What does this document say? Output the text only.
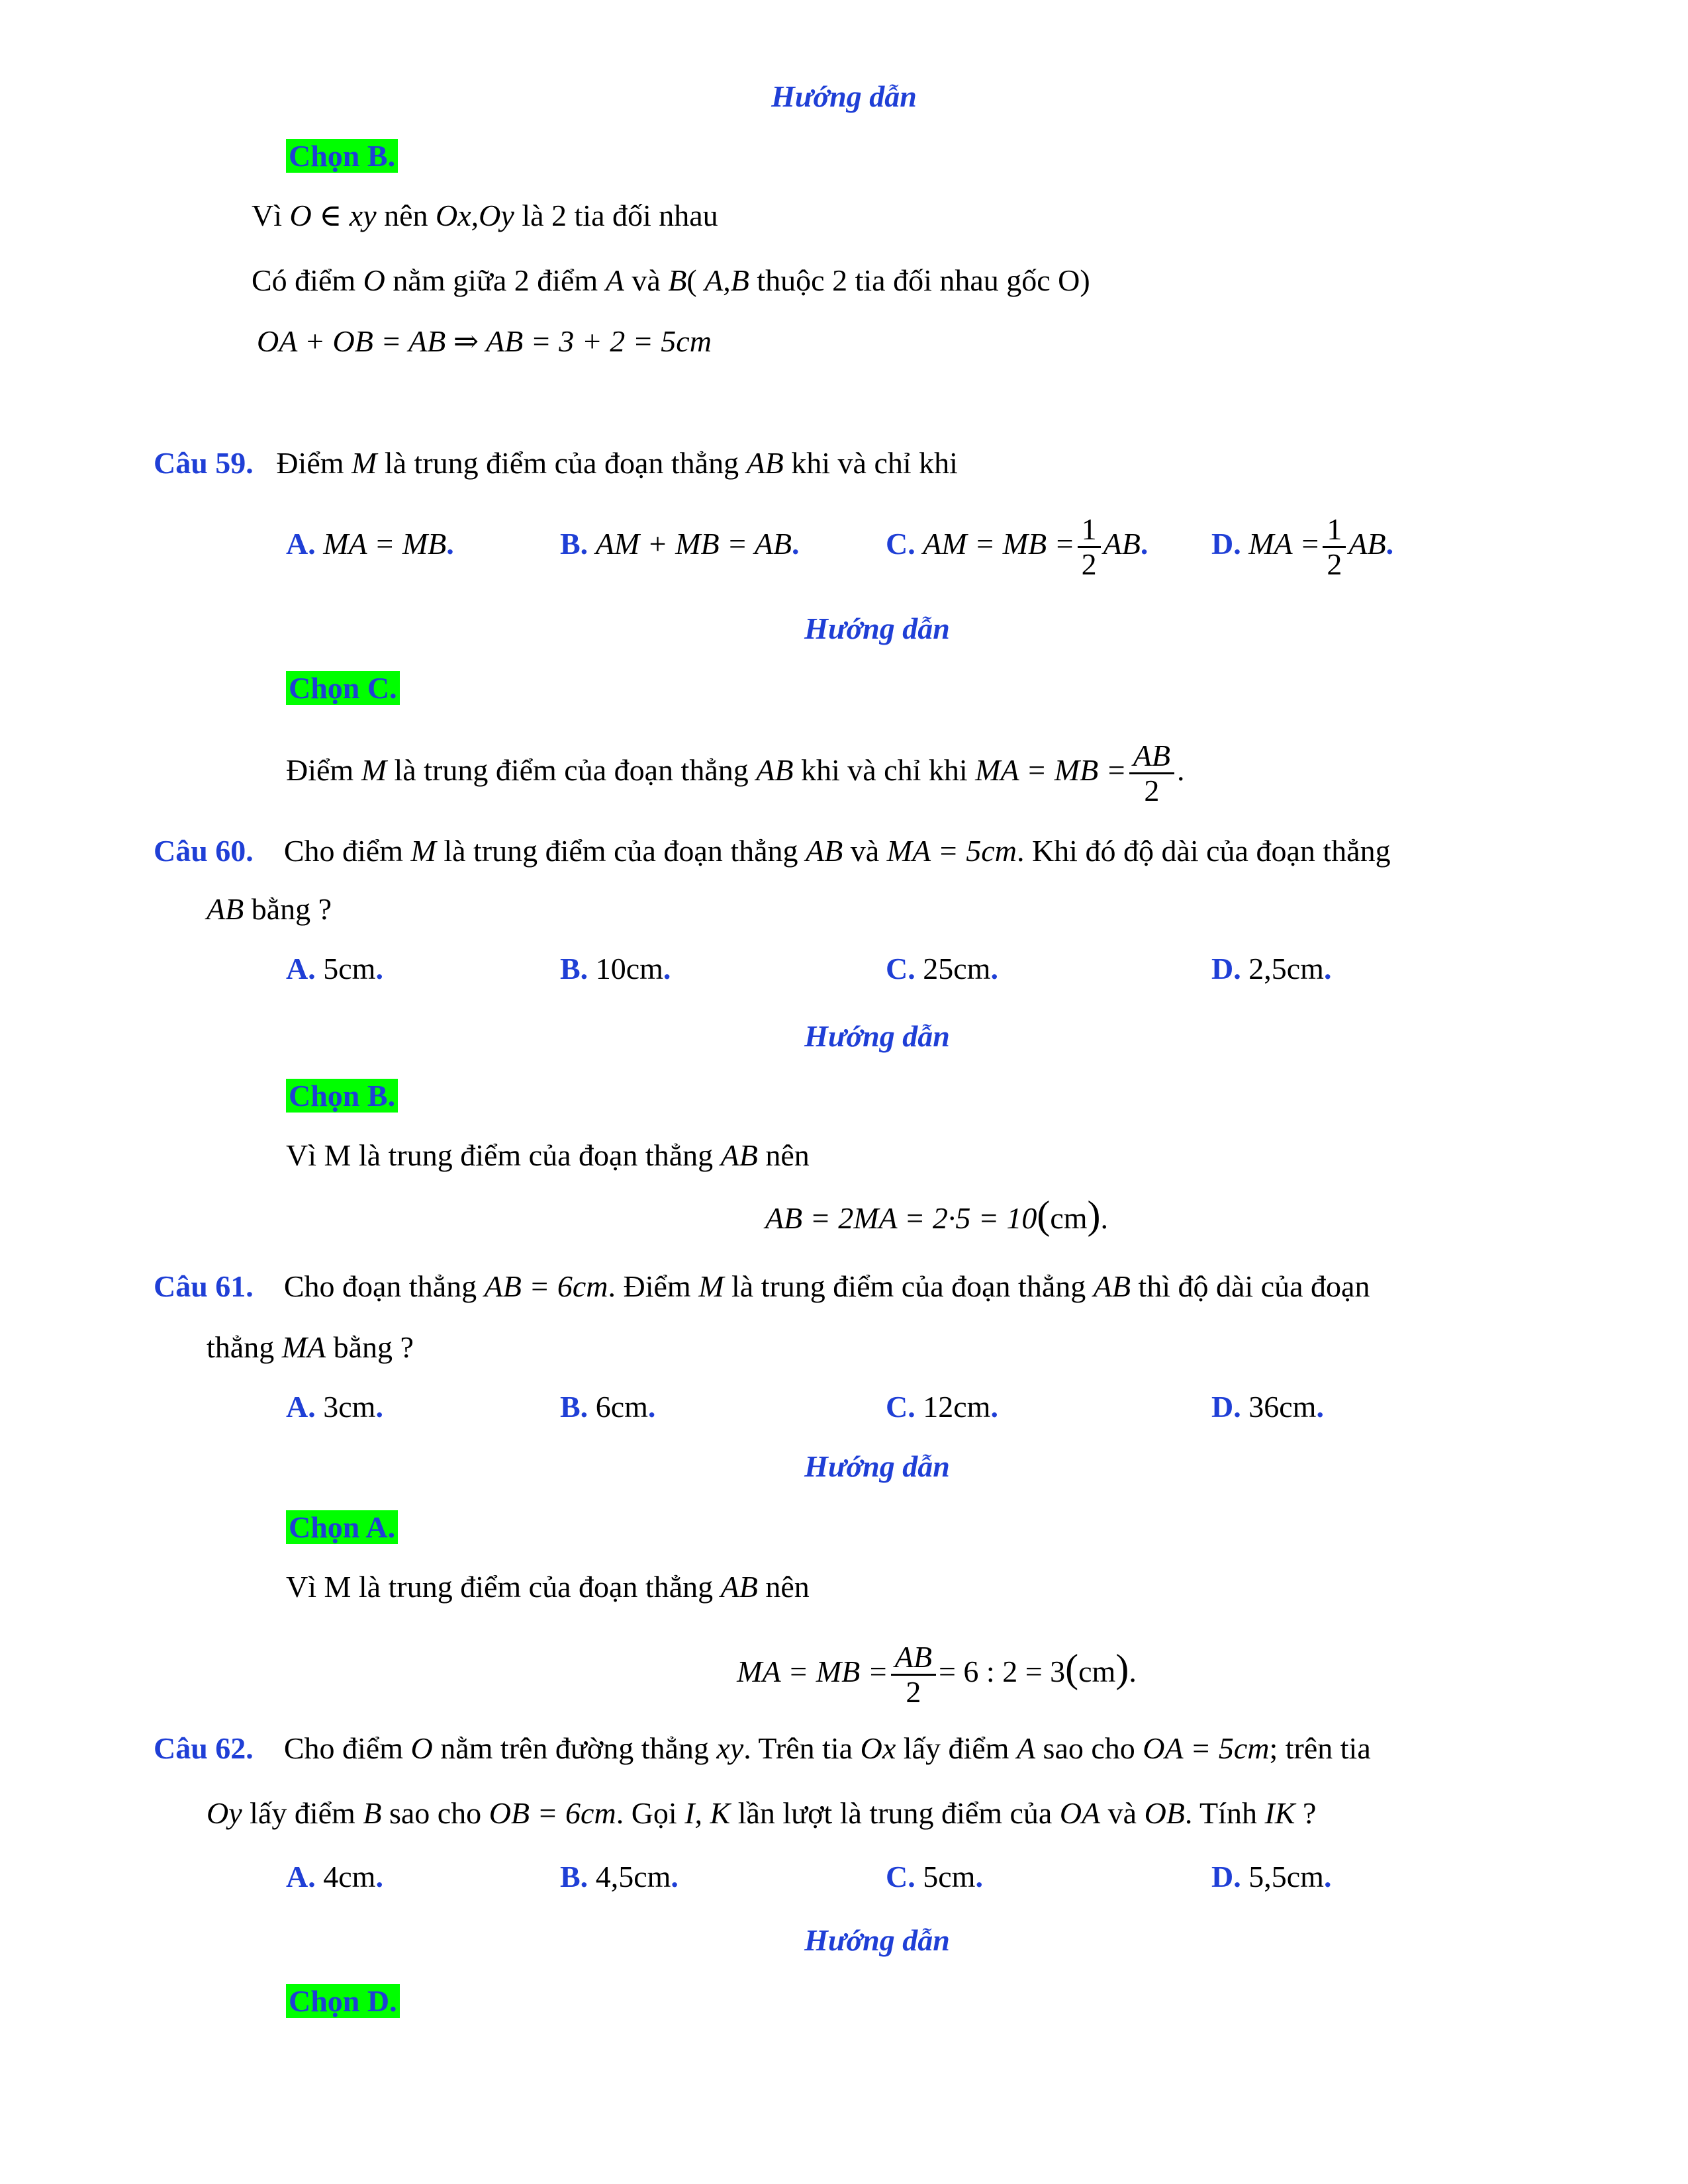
Hướng dẫn
Chọn B.
Vì O ∈ xy nên Ox,Oy là 2 tia đối nhau
Có điểm O nằm giữa 2 điểm A và B( A,B thuộc 2 tia đối nhau gốc O)
OA + OB = AB ⇒ AB = 3 + 2 = 5cm
Câu 59. Điểm M là trung điểm của đoạn thẳng AB khi và chỉ khi
A. MA = MB.	B. AM + MB = AB.	C. AM = MB = $\frac{1}{2}$ AB. D. MA = $\frac{1}{2}$ AB.
Hướng dẫn
Chọn C.
Điểm M là trung điểm của đoạn thẳng AB khi và chỉ khi MA = MB = $\frac{AB}{2}$ .
Câu 60. Cho điểm M là trung điểm của đoạn thẳng AB và MA = 5cm. Khi đó độ dài của đoạn thẳng
AB bằng ?
A. 5cm.	B. 10cm.	C. 25cm.	D. 2,5cm.
Hướng dẫn
Chọn B.
Vì M là trung điểm của đoạn thẳng AB nên
AB = 2MA = 2·5 = 10(cm).
Câu 61. Cho đoạn thẳng AB = 6cm. Điểm M là trung điểm của đoạn thẳng AB thì độ dài của đoạn
thẳng MA bằng ?
A. 3cm.	B. 6cm.	C. 12cm.	D. 36cm.
Hướng dẫn
Chọn A.
Vì M là trung điểm của đoạn thẳng AB nên
MA = MB = $\frac{AB}{2} = 6$ : 2 = 3(cm).
Câu 62. Cho điểm O nằm trên đường thẳng xy. Trên tia Ox lấy điểm A sao cho OA = 5cm; trên tia
Oy lấy điểm B sao cho OB = 6cm. Gọi I, K lần lượt là trung điểm của OA và OB. Tính IK ?
A. 4cm.	B. 4,5cm.	C. 5cm.	D. 5,5cm.
Hướng dẫn
Chọn D.
